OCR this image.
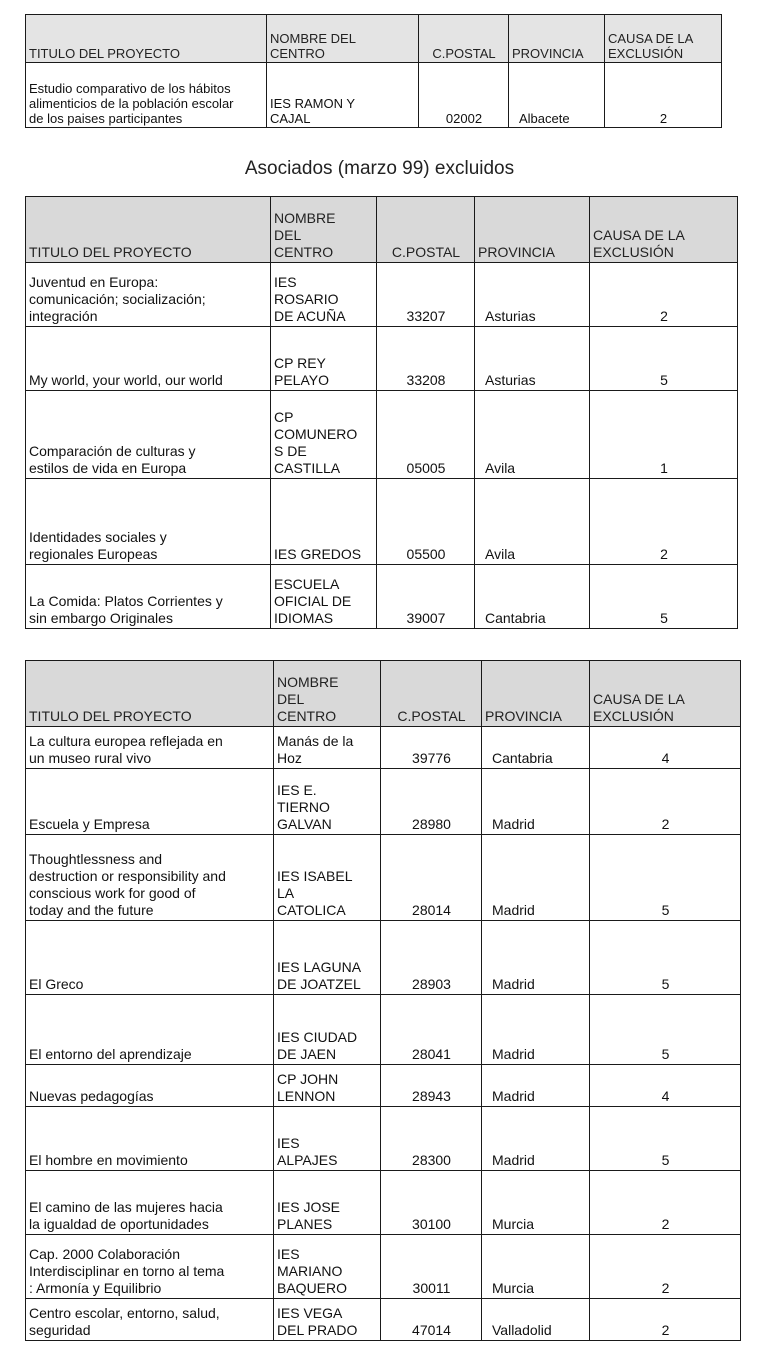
TITULO DEL PROYECTO	NOMBRE DEL
CENTRO	C.POSTAL	PROVINCIA	CAUSA DE LA
EXCLUSIÓN
Estudio comparativo de los hábitos
alimenticios de la población escolar
de los paises participantes	IES RAMON Y
CAJAL	02002	Albacete	2
Asociados (marzo 99) excluidos
TITULO DEL PROYECTO	NOMBRE
DEL
CENTRO	C.POSTAL	PROVINCIA	CAUSA DE LA
EXCLUSIÓN
Juventud en Europa:
comunicación; socialización;
integración	IES
ROSARIO
DE ACUÑA	33207	Asturias	2
My world, your world, our world	CP REY
PELAYO	33208	Asturias	5
Comparación de culturas y
estilos de vida en Europa	CP
COMUNERO
S DE
CASTILLA	05005	Avila	1
Identidades sociales y
regionales Europeas	IES GREDOS	05500	Avila	2
La Comida: Platos Corrientes y
sin embargo Originales	ESCUELA
OFICIAL DE
IDIOMAS	39007	Cantabria	5
TITULO DEL PROYECTO	NOMBRE
DEL
CENTRO	C.POSTAL	PROVINCIA	CAUSA DE LA
EXCLUSIÓN
La cultura europea reflejada en
un museo rural vivo	Manás de la
Hoz	39776	Cantabria	4
Escuela y Empresa	IES E.
TIERNO
GALVAN	28980	Madrid	2
Thoughtlessness and
destruction or responsibility and
conscious work for good of
today and the future	IES ISABEL
LA
CATOLICA	28014	Madrid	5
El Greco	IES LAGUNA
DE JOATZEL	28903	Madrid	5
El entorno del aprendizaje	IES CIUDAD
DE JAEN	28041	Madrid	5
Nuevas pedagogías	CP JOHN
LENNON	28943	Madrid	4
El hombre en movimiento	IES
ALPAJES	28300	Madrid	5
El camino de las mujeres hacia
la igualdad de oportunidades	IES JOSE
PLANES	30100	Murcia	2
Cap. 2000 Colaboración
Interdisciplinar en torno al tema
: Armonía y Equilibrio	IES
MARIANO
BAQUERO	30011	Murcia	2
Centro escolar, entorno, salud,
seguridad	IES VEGA
DEL PRADO	47014	Valladolid	2
